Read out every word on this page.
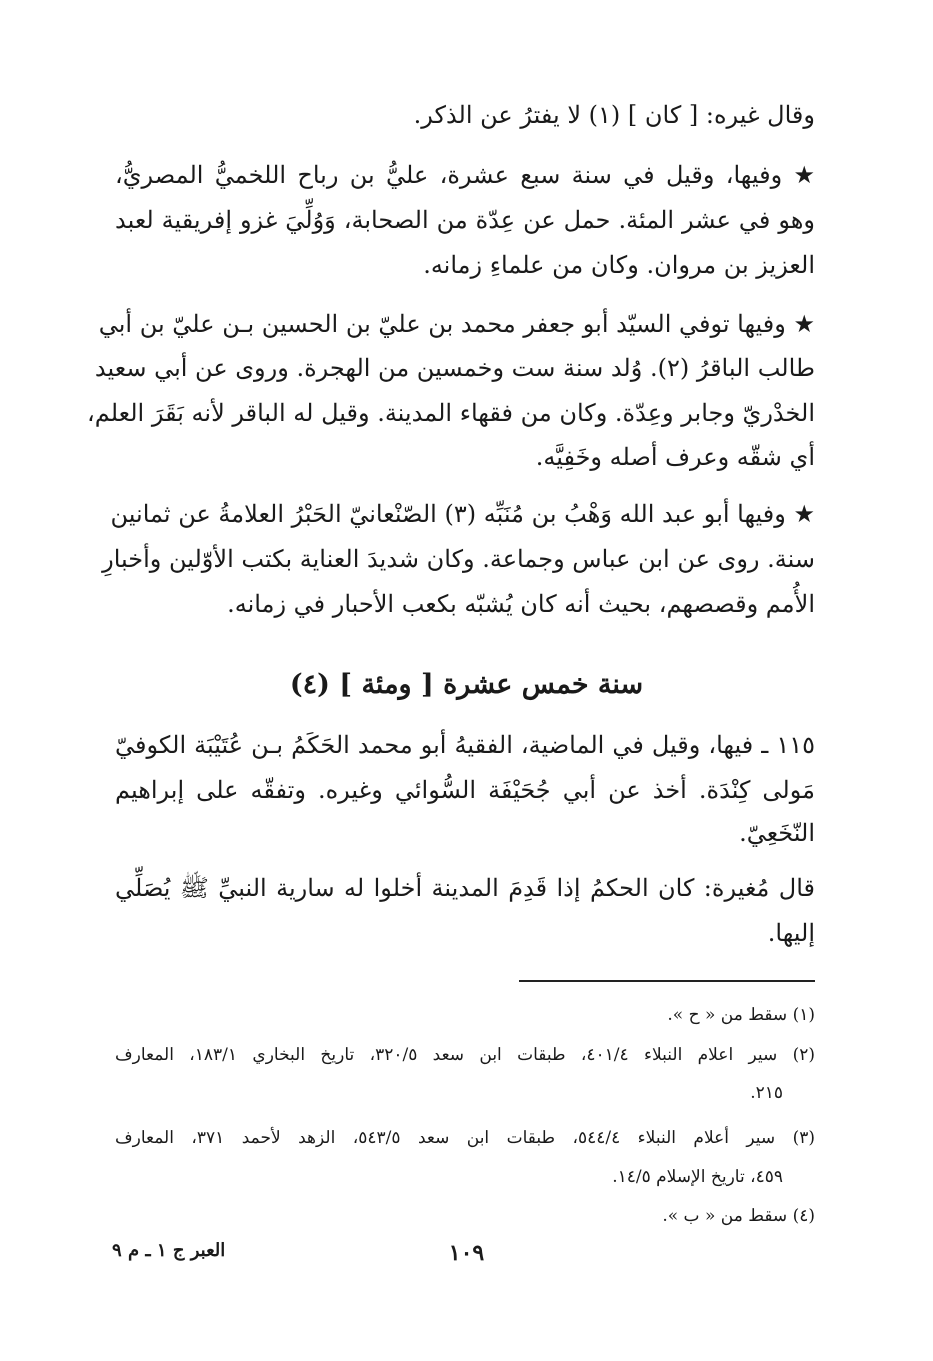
وقال غيره: [ كان ] (١) لا يفترُ عن الذكر.
★ وفيها، وقيل في سنة سبع عشرة، عليُّ بن رباح اللخميُّ المصريُّ،
وهو في عشر المئة. حمل عن عِدّة من الصحابة، وَوُلِّيَ غزو إفريقية لعبد
العزيز بن مروان. وكان من علماءِ زمانه.
★ وفيها توفي السيّد أبو جعفر محمد بن عليّ بن الحسين بـن عليّ بن أبي
طالب الباقرُ (٢). وُلد سنة ست وخمسين من الهجرة. وروى عن أبي سعيد
الخدْريّ وجابر وعِدّة. وكان من فقهاء المدينة. وقيل له الباقر لأنه بَقَرَ العلم،
أي شقّه وعرف أصله وخَفِيَّه.
★ وفيها أبو عبد الله وَهْبُ بن مُنَبِّه (٣) الصّنْعانيّ الحَبْرُ العلامةُ عن ثمانين
سنة. روى عن ابن عباس وجماعة. وكان شديدَ العناية بكتب الأوّلين وأخبارِ
الأُمم وقصصهم، بحيث أنه كان يُشبّه بكعب الأحبار في زمانه.
سنة خمس عشرة [ ومئة ] (٤)
١١٥ ـ فيها، وقيل في الماضية، الفقيهُ أبو محمد الحَكَمُ بـن عُتَيْبَة الكوفيّ
مَولى كِنْدَة. أخذ عن أبي جُحَيْفَة السُّوائي وغيره. وتفقّه على إبراهيم
النّخَعِيّ.
قال مُغيرة: كان الحكمُ إذا قَدِمَ المدينة أخلوا له سارية النبيِّ ﷺ يُصَلِّي
إليها.
(١) سقط من « ح ».
(٢) سير اعلام النبلاء ٤٠١/٤، طبقات ابن سعد ٣٢٠/٥، تاريخ البخاري ١٨٣/١، المعارف
٢١٥.
(٣) سير أعلام النبلاء ٥٤٤/٤، طبقات ابن سعد ٥٤٣/٥، الزهد لأحمد ٣٧١، المعارف
٤٥٩، تاريخ الإسلام ١٤/٥.
(٤) سقط من « ب ».
١٠٩
العبر ج ١ ـ م ٩
